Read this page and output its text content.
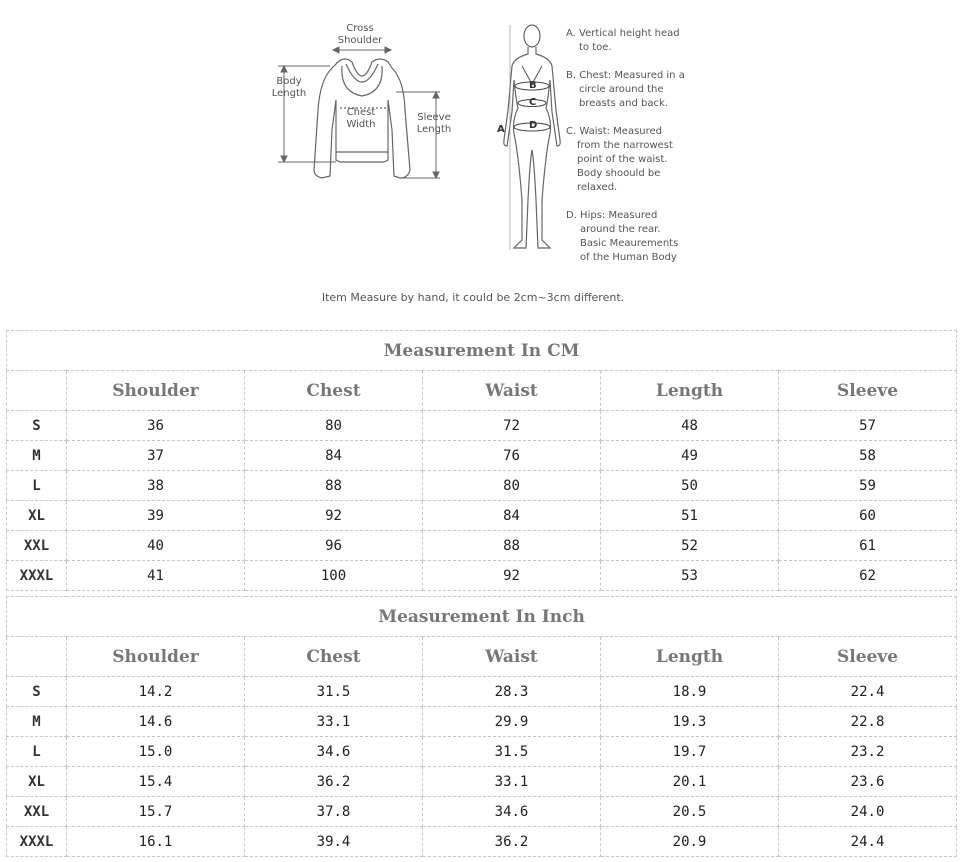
Cross
Shoulder
Body
Length
Chest
Width
Sleeve
Length	A
B
C
D
A. Vertical height head
to toe.
B. Chest: Measured in a
circle around the
breasts and back.
C. Waist: Measured
from the narrowest
point of the waist.
Body shoould be
relaxed.
D. Hips: Measured
around the rear.
Basic Meaurements
of the Human Body
Item Measure by hand, it could be 2cm~3cm different.
Measurement In CM					
	Shoulder	Chest	Waist	Length	Sleeve
S	36	80	72	48	57
M	37	84	76	49	58
L	38	88	80	50	59
XL	39	92	84	51	60
XXL	40	96	88	52	61
XXXL	41	100	92	53	62
Measurement In Inch					
	Shoulder	Chest	Waist	Length	Sleeve
S	14.2	31.5	28.3	18.9	22.4
M	14.6	33.1	29.9	19.3	22.8
L	15.0	34.6	31.5	19.7	23.2
XL	15.4	36.2	33.1	20.1	23.6
XXL	15.7	37.8	34.6	20.5	24.0
XXXL	16.1	39.4	36.2	20.9	24.4
